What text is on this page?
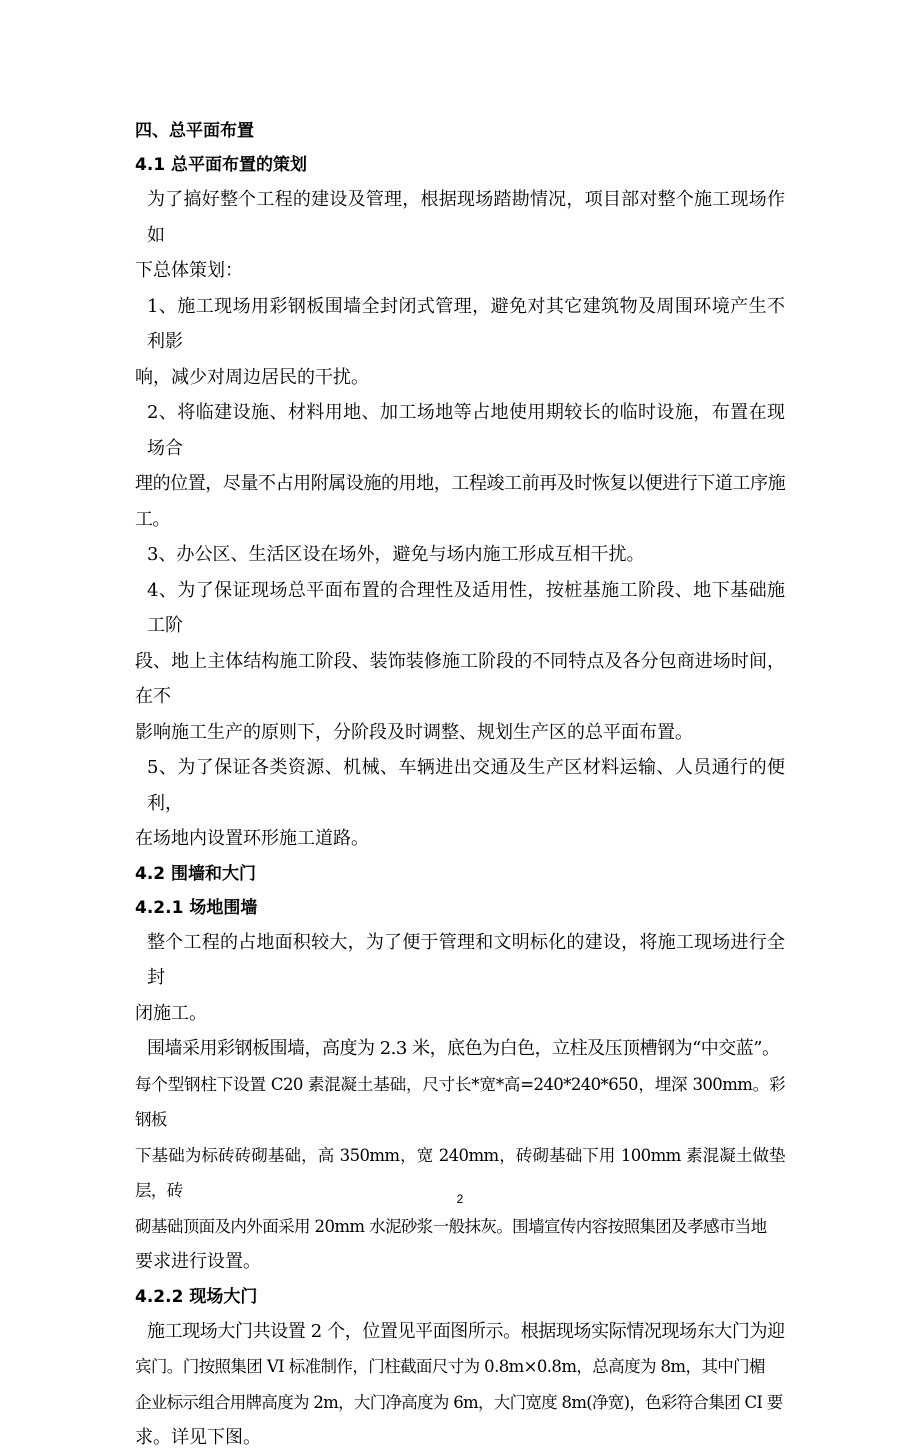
四、总平面布置
4.1 总平面布置的策划
为了搞好整个工程的建设及管理，根据现场踏勘情况，项目部对整个施工现场作如
下总体策划：
1、施工现场用彩钢板围墙全封闭式管理，避免对其它建筑物及周围环境产生不利影
响，减少对周边居民的干扰。
2、将临建设施、材料用地、加工场地等占地使用期较长的临时设施，布置在现场合
理的位置，尽量不占用附属设施的用地，工程竣工前再及时恢复以便进行下道工序施工。
3、办公区、生活区设在场外，避免与场内施工形成互相干扰。
4、为了保证现场总平面布置的合理性及适用性，按桩基施工阶段、地下基础施工阶
段、地上主体结构施工阶段、装饰装修施工阶段的不同特点及各分包商进场时间，在不
影响施工生产的原则下，分阶段及时调整、规划生产区的总平面布置。
5、为了保证各类资源、机械、车辆进出交通及生产区材料运输、人员通行的便利，
在场地内设置环形施工道路。
4.2 围墙和大门
4.2.1 场地围墙
整个工程的占地面积较大，为了便于管理和文明标化的建设，将施工现场进行全封
闭施工。
围墙采用彩钢板围墙，高度为 2.3 米，底色为白色，立柱及压顶槽钢为“中交蓝”。
每个型钢柱下设置 C20 素混凝土基础，尺寸长*宽*高=240*240*650，埋深 300mm。彩钢板
下基础为标砖砖砌基础，高 350mm，宽 240mm，砖砌基础下用 100mm 素混凝土做垫层，砖
砌基础顶面及内外面采用 20mm 水泥砂浆一般抹灰。围墙宣传内容按照集团及孝感市当地
要求进行设置。
4.2.2 现场大门
施工现场大门共设置 2 个，位置见平面图所示。根据现场实际情况现场东大门为迎
宾门。门按照集团 VI 标准制作，门柱截面尺寸为 0.8m×0.8m，总高度为 8m，其中门楣
企业标示组合用牌高度为 2m，大门净高度为 6m，大门宽度 8m(净宽)，色彩符合集团 CI 要
求。详见下图。
2
